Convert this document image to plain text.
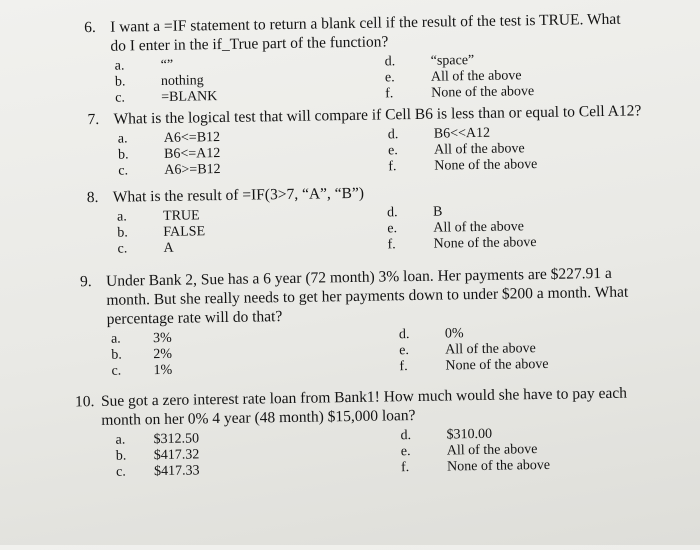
6. I want a =IF statement to return a blank cell if the result of the test is TRUE. What
do I enter in the if_True part of the function?
a.	“”
b.	nothing
c.	=BLANK
d.	“space”
e.	All of the above
f.	None of the above
7. What is the logical test that will compare if Cell B6 is less than or equal to Cell A12?
a.	A6<=B12
b.	B6<=A12
c.	A6>=B12
d.	B6<<A12
e.	All of the above
f.	None of the above
8. What is the result of =IF(3>7, “A”, “B”)
a.	TRUE
b.	FALSE
c.	A
d.	B
e.	All of the above
f.	None of the above
9. Under Bank 2, Sue has a 6 year (72 month) 3% loan. Her payments are $227.91 a
month. But she really needs to get her payments down to under $200 a month. What
percentage rate will do that?
a. 3%
b. 2%
c. 1%
d.	0%
e.	All of the above
f.	None of the above
10. Sue got a zero interest rate loan from Bank1! How much would she have to pay each
month on her 0% 4 year (48 month) $15,000 loan?
a. $312.50
b. $417.32
c. $417.33
d.	$310.00
e.	All of the above
f.	None of the above
